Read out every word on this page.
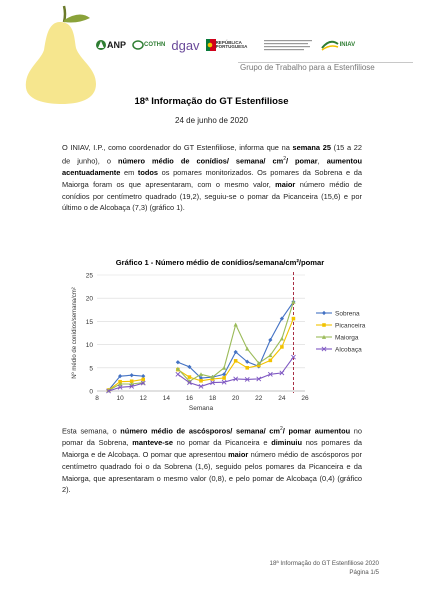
ANP	COTHN dgav	REPÚBLICA PORTUGUESA	INIAV
Grupo de Trabalho para a Estenfiliose
18ª Informação do GT Estenfiliose
24 de junho de 2020

O INIAV, I.P., como coordenador do GT Estenfiliose, informa que na semana 25 (15 a 22 de junho), o número médio de conídios/ semana/ $cm^2/$ pomar, aumentou acentuadamente em todos os pomares monitorizados. Os pomares da Sobrena e da Maiorga foram os que apresentaram, com o mesmo valor, maior número médio de conídios por centímetro quadrado (19,2), seguiu-se o pomar da Picanceira (15,6) e por último o de Alcobaça (7,3) (gráfico 1).

Gráfico 1 - Número médio de conídios/semana/cm²/pomar
0
5
10
15
20
25
8	10 12 14 16 18 20 22 24 26
Semana
Nº médio de conídios/semana/cm²	Sobrena
Picanceira
Maiorga
Alcobaça

Esta semana, o número médio de ascósporos/ semana/ $cm^2/$ pomar aumentou no pomar da Sobrena, manteve-se no pomar da Picanceira e diminuiu nos pomares da Maiorga e de Alcobaça. O pomar que apresentou maior número médio de ascósporos por centímetro quadrado foi o da Sobrena (1,6), seguido pelos pomares da Picanceira e da Maiorga, que apresentaram o mesmo valor (0,8), e pelo pomar de Alcobaça (0,4) (gráfico 2).

18ª Informação do GT Estenfiliose 2020
Página 1/5
